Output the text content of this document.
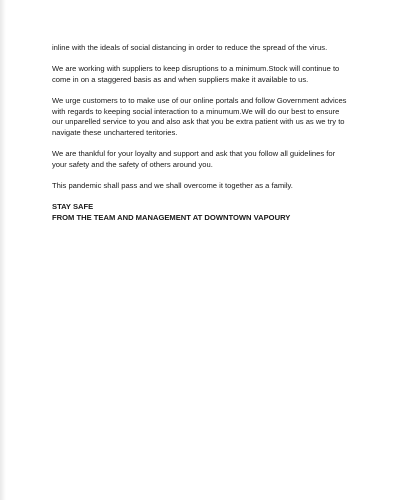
inline with the ideals of social distancing in order to reduce the spread of the virus.

We are working with suppliers to keep disruptions to a minimum.Stock will continue to
come in on a staggered basis as and when suppliers make it available to us.

We urge customers to to make use of our online portals and follow Government advices
with regards to keeping social interaction to a minumum.We will do our best to ensure
our unparelled service to you and also ask that you be extra patient with us as we try to
navigate these unchartered teritories.

We are thankful for your loyalty and support and ask that you follow all guidelines for
your safety and the safety of others around you.

This pandemic shall pass and we shall overcome it together as a family.

STAY SAFE
FROM THE TEAM AND MANAGEMENT AT DOWNTOWN VAPOURY
